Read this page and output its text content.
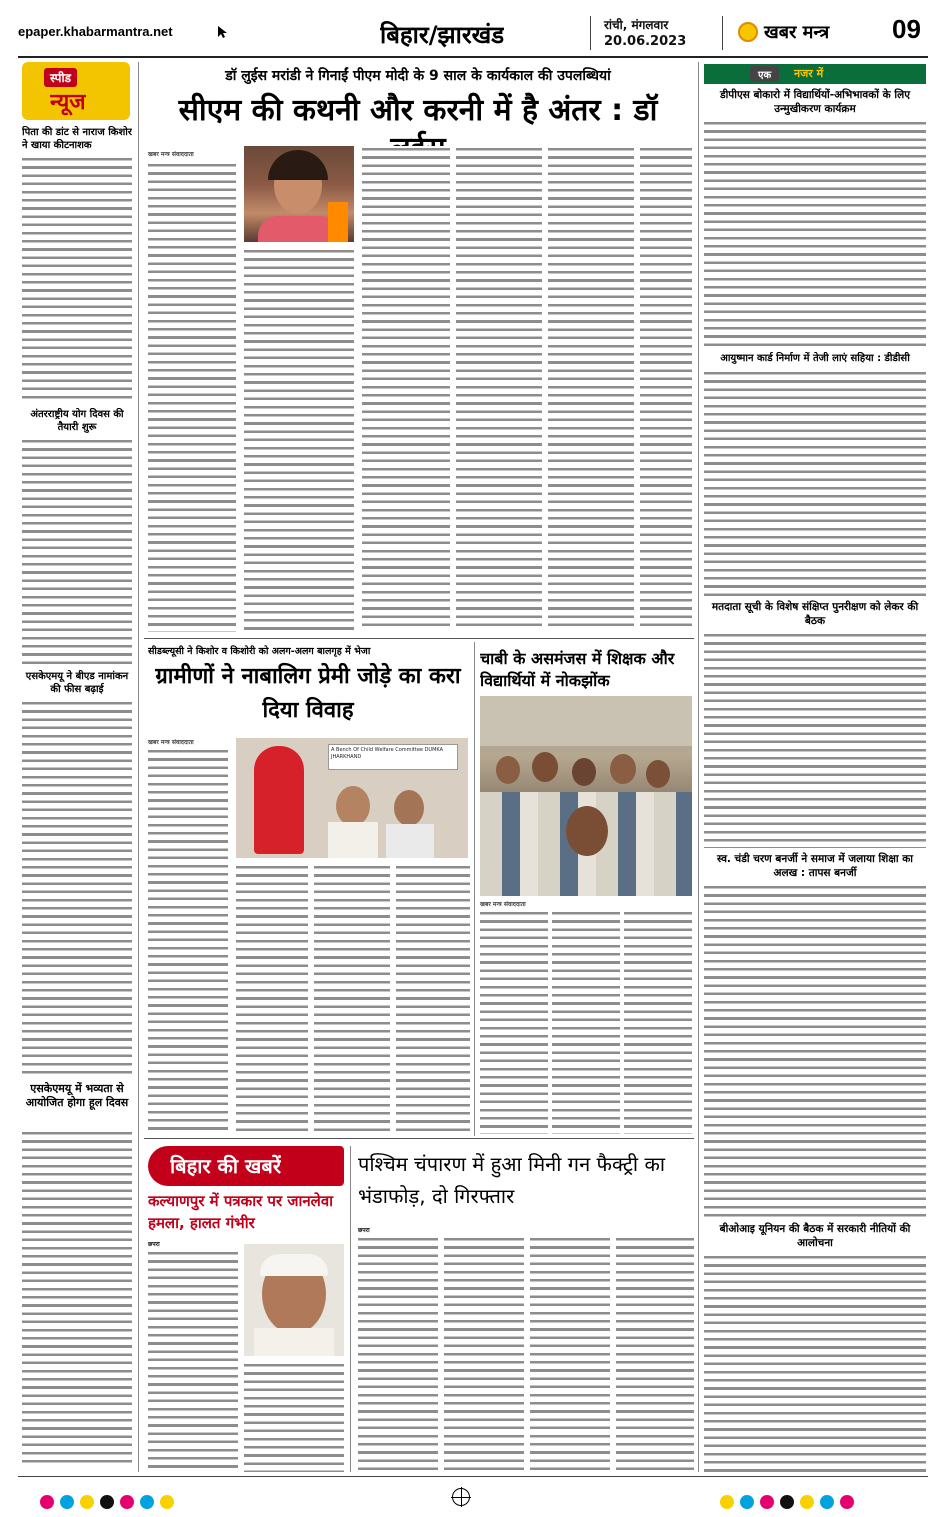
epaper.khabarmantra.net	बिहार/झारखंड	रांची, मंगलवार
20.06.2023	खबर मन्त्र 09
स्पीड
न्यूज
पिता की डांट से नाराज किशोर ने खाया कीटनाशक
अंतरराष्ट्रीय योग दिवस की तैयारी शुरू
एसकेएमयू ने बीएड नामांकन की फीस बढ़ाई
एसकेएमयू में भव्यता से आयोजित होगा हूल दिवस
डॉ लुईस मरांडी ने गिनाईं पीएम मोदी के 9 साल के कार्यकाल की उपलब्धियां
सीएम की कथनी और करनी में है अंतर : डॉ
खबर मन्त्र संवाददाता
सीडब्ल्यूसी ने किशोर व किशोरी को अलग-अलग बालगृह में भेजा
ग्रामीणों ने नाबालिग प्रेमी जोड़े का करा दिया विवाह
खबर मन्त्र संवाददाता
A Bench Of Child Welfare Committee DUMKA JHARKHAND
चाबी के असमंजस में शिक्षक और विद्यार्थियों में नोकझोंक
खबर मन्त्र संवाददाता
बिहार की खबरें
कल्याणपुर में पत्रकार पर जानलेवा हमला, हालत गंभीर
छपरा
पश्चिम चंपारण में हुआ मिनी गन फैक्ट्री का भंडाफोड़, दो गिरफ्तार
छपरा
एक	नजर में
डीपीएस बोकारो में विद्यार्थियों-अभिभावकों के लिए उन्मुखीकरण कार्यक्रम
आयुष्मान कार्ड निर्माण में तेजी लाएं सहिया : डीडीसी
मतदाता सूची के विशेष संक्षिप्त पुनरीक्षण को लेकर की बैठक
स्व. चंडी चरण बनर्जी ने समाज में जलाया शिक्षा का अलख : तापस बनर्जी
बीओआइ यूनियन की बैठक में सरकारी नीतियों की आलोचना
